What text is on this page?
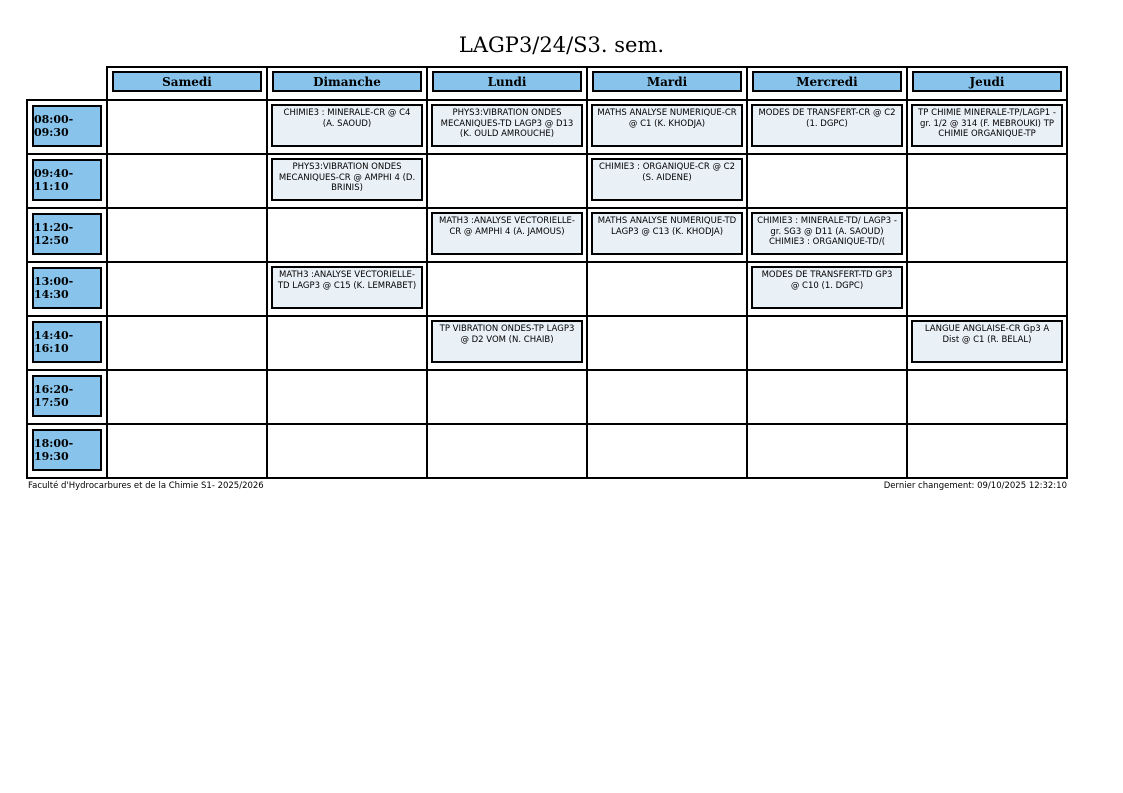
LAGP3/24/S3. sem.

Samedi	Dimanche	Lundi	Mardi	Mercredi	Jeudi

08:00-09:30		CHIMIE3 : MINERALE-CR @ C4 (A. SAOUD)	PHYS3:VIBRATION ONDES MECANIQUES-TD LAGP3 @ D13 (K. OULD AMROUCHE)	MATHS ANALYSE NUMERIQUE-CR @ C1 (K. KHODJA)	MODES DE TRANSFERT-CR @ C2 (1. DGPC)	TP CHIMIE MINERALE-TP/LAGP1 - gr. 1/2 @ 314 (F. MEBROUKI) TP CHIMIE ORGANIQUE-TP

09:40-11:10		PHYS3:VIBRATION ONDES MECANIQUES-CR @ AMPHI 4 (D. BRINIS)		CHIMIE3 : ORGANIQUE-CR @ C2 (S. AIDENE)		

11:20-12:50			MATH3 :ANALYSE VECTORIELLE-CR @ AMPHI 4 (A. JAMOUS)	MATHS ANALYSE NUMERIQUE-TD LAGP3 @ C13 (K. KHODJA)	CHIMIE3 : MINERALE-TD/ LAGP3 - gr. SG3 @ D11 (A. SAOUD) CHIMIE3 : ORGANIQUE-TD/(	

13:00-14:30		MATH3 :ANALYSE VECTORIELLE-TD LAGP3 @ C15 (K. LEMRABET)			MODES DE TRANSFERT-TD GP3 @ C10 (1. DGPC)	

14:40-16:10			TP VIBRATION ONDES-TP LAGP3 @ D2 VOM (N. CHAIB)			LANGUE ANGLAISE-CR Gp3 A Dist @ C1 (R. BELAL)

16:20-17:50						

18:00-19:30						

Faculté d'Hydrocarbures et de la Chimie S1- 2025/2026	Dernier changement: 09/10/2025 12:32:10
